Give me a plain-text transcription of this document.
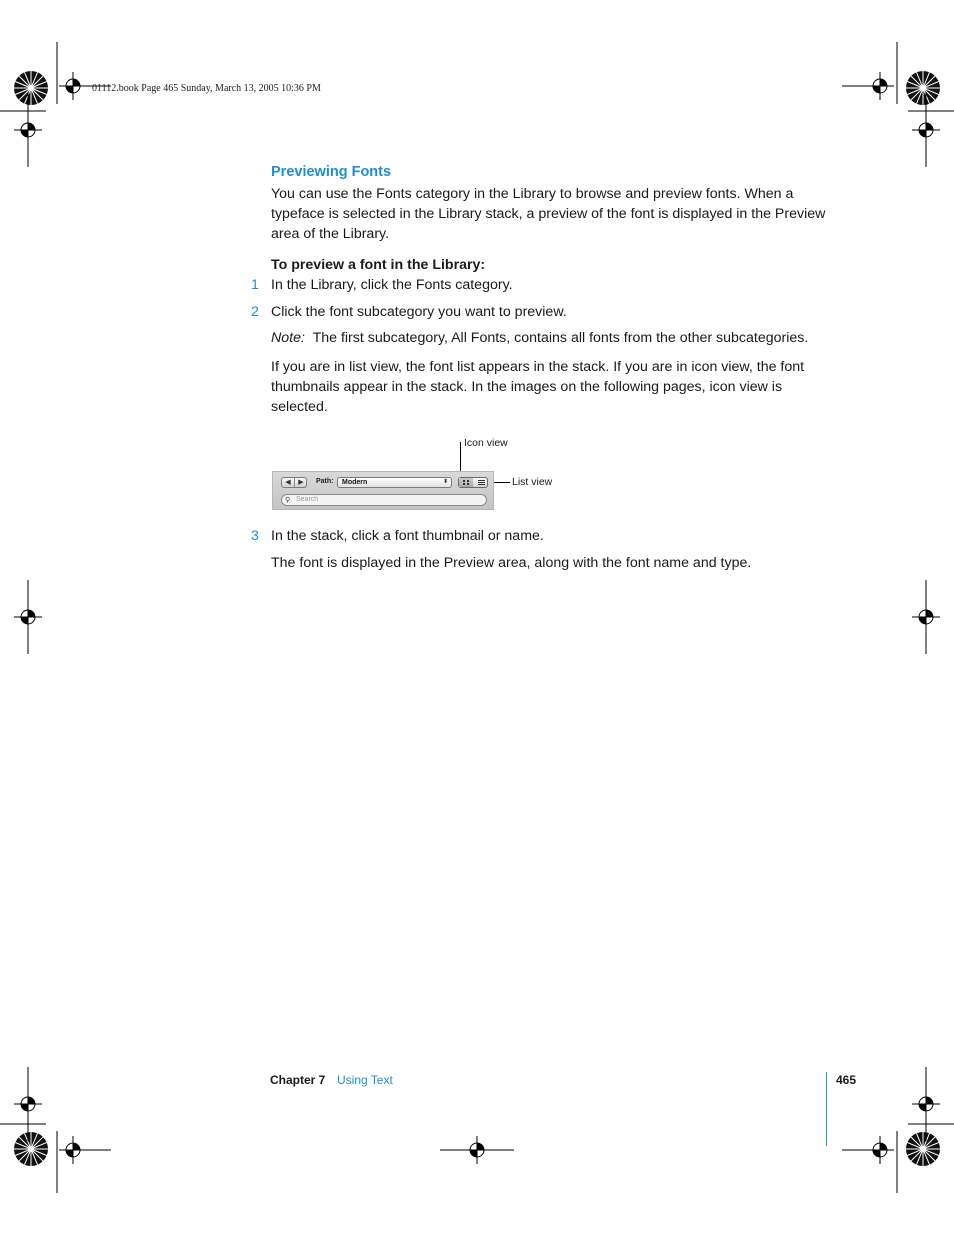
01112.book Page 465 Sunday, March 13, 2005 10:36 PM
Previewing Fonts
You can use the Fonts category in the Library to browse and preview fonts. When a typeface is selected in the Library stack, a preview of the font is displayed in the Preview area of the Library.
To preview a font in the Library:
1 In the Library, click the Fonts category.
2 Click the font subcategory you want to preview.
Note: The first subcategory, All Fonts, contains all fonts from the other subcategories.
If you are in list view, the font list appears in the stack. If you are in icon view, the font thumbnails appear in the stack. In the images on the following pages, icon view is selected.
Icon view
List view
◀	▶	Path:	Modern	⬍
⚲ Search
3 In the stack, click a font thumbnail or name.
The font is displayed in the Preview area, along with the font name and type.
Chapter 7 Using Text	465
